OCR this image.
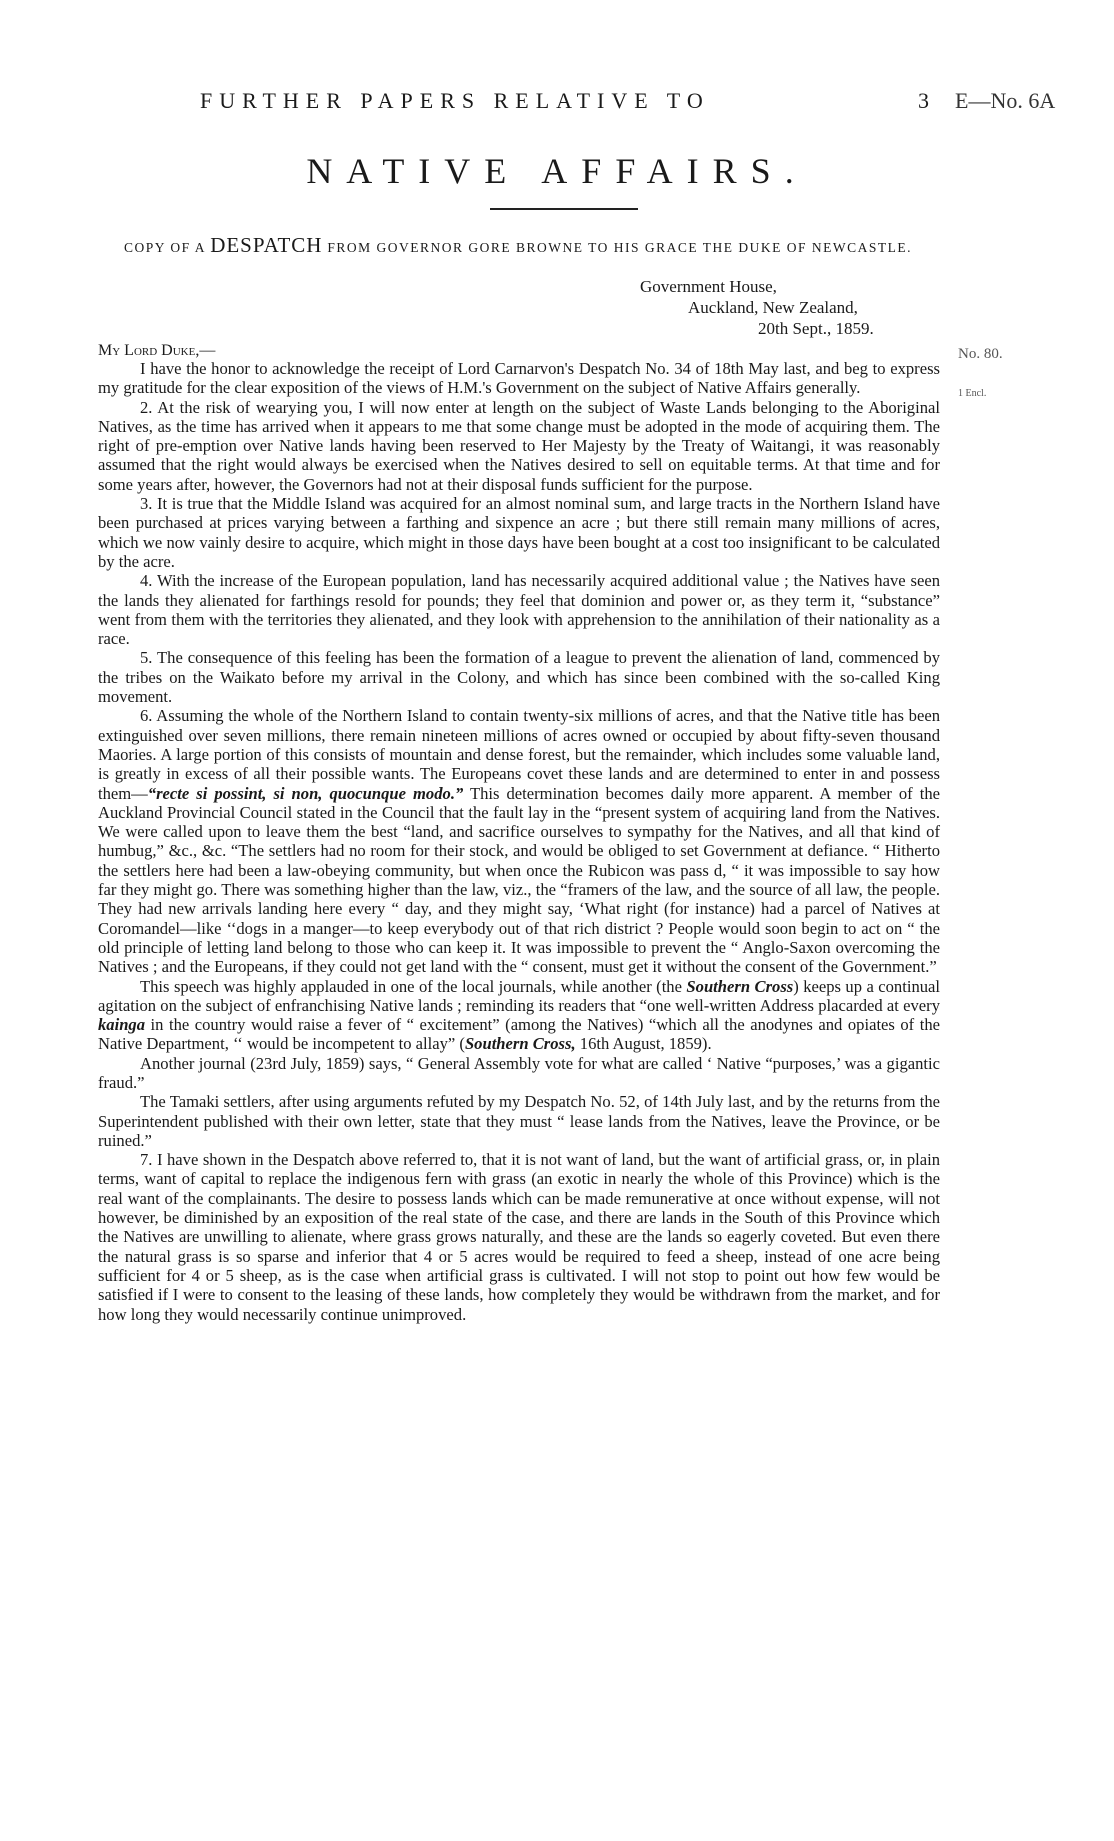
FURTHER PAPERS RELATIVE TO	3 E—No. 6A
NATIVE AFFAIRS.
COPY OF A DESPATCH FROM GOVERNOR GORE BROWNE TO HIS GRACE THE DUKE OF NEWCASTLE.
Government House,
Auckland, New Zealand,
20th Sept., 1859.
My Lord Duke,—	No. 80.
1 Encl.

I have the honor to acknowledge the receipt of Lord Carnarvon's Despatch No. 34 of 18th May last, and beg to express my gratitude for the clear exposition of the views of H.M.'s Government on the subject of Native Affairs generally.

2. At the risk of wearying you, I will now enter at length on the subject of Waste Lands belonging to the Aboriginal Natives, as the time has arrived when it appears to me that some change must be adopted in the mode of acquiring them. The right of pre-emption over Native lands having been reserved to Her Majesty by the Treaty of Waitangi, it was reasonably assumed that the right would always be exercised when the Natives desired to sell on equitable terms. At that time and for some years after, however, the Governors had not at their disposal funds sufficient for the purpose.

3. It is true that the Middle Island was acquired for an almost nominal sum, and large tracts in the Northern Island have been purchased at prices varying between a farthing and sixpence an acre ; but there still remain many millions of acres, which we now vainly desire to acquire, which might in those days have been bought at a cost too insignificant to be calculated by the acre.

4. With the increase of the European population, land has necessarily acquired additional value ; the Natives have seen the lands they alienated for farthings resold for pounds; they feel that dominion and power or, as they term it, “substance” went from them with the territories they alienated, and they look with apprehension to the annihilation of their nationality as a race.

5. The consequence of this feeling has been the formation of a league to prevent the alienation of land, commenced by the tribes on the Waikato before my arrival in the Colony, and which has since been combined with the so-called King movement.

6. Assuming the whole of the Northern Island to contain twenty-six millions of acres, and that the Native title has been extinguished over seven millions, there remain nineteen millions of acres owned or occupied by about fifty-seven thousand Maories. A large portion of this consists of mountain and dense forest, but the remainder, which includes some valuable land, is greatly in excess of all their possible wants. The Europeans covet these lands and are determined to enter in and possess them—“recte si possint, si non, quocunque modo.” This determination becomes daily more apparent. A member of the Auckland Provincial Council stated in the Council that the fault lay in the “present system of acquiring land from the Natives. We were called upon to leave them the best “land, and sacrifice ourselves to sympathy for the Natives, and all that kind of humbug,” &c., &c. “The settlers had no room for their stock, and would be obliged to set Government at defiance. “ Hitherto the settlers here had been a law-obeying community, but when once the Rubicon was pass d, “ it was impossible to say how far they might go. There was something higher than the law, viz., the “framers of the law, and the source of all law, the people. They had new arrivals landing here every “ day, and they might say, ‘What right (for instance) had a parcel of Natives at Coromandel—like ‘‘dogs in a manger—to keep everybody out of that rich district ? People would soon begin to act on “ the old principle of letting land belong to those who can keep it. It was impossible to prevent the “ Anglo-Saxon overcoming the Natives ; and the Europeans, if they could not get land with the “ consent, must get it without the consent of the Government.”

This speech was highly applauded in one of the local journals, while another (the Southern Cross) keeps up a continual agitation on the subject of enfranchising Native lands ; reminding its readers that “one well-written Address placarded at every kainga in the country would raise a fever of “ excitement” (among the Natives) “which all the anodynes and opiates of the Native Department, ‘‘ would be incompetent to allay” (Southern Cross, 16th August, 1859).

Another journal (23rd July, 1859) says, “ General Assembly vote for what are called ‘ Native “purposes,’ was a gigantic fraud.”

The Tamaki settlers, after using arguments refuted by my Despatch No. 52, of 14th July last, and by the returns from the Superintendent published with their own letter, state that they must “ lease lands from the Natives, leave the Province, or be ruined.”

7. I have shown in the Despatch above referred to, that it is not want of land, but the want of artificial grass, or, in plain terms, want of capital to replace the indigenous fern with grass (an exotic in nearly the whole of this Province) which is the real want of the complainants. The desire to possess lands which can be made remunerative at once without expense, will not however, be diminished by an exposition of the real state of the case, and there are lands in the South of this Province which the Natives are unwilling to alienate, where grass grows naturally, and these are the lands so eagerly coveted. But even there the natural grass is so sparse and inferior that 4 or 5 acres would be required to feed a sheep, instead of one acre being sufficient for 4 or 5 sheep, as is the case when artificial grass is cultivated. I will not stop to point out how few would be satisfied if I were to consent to the leasing of these lands, how completely they would be withdrawn from the market, and for how long they would necessarily continue unimproved.
